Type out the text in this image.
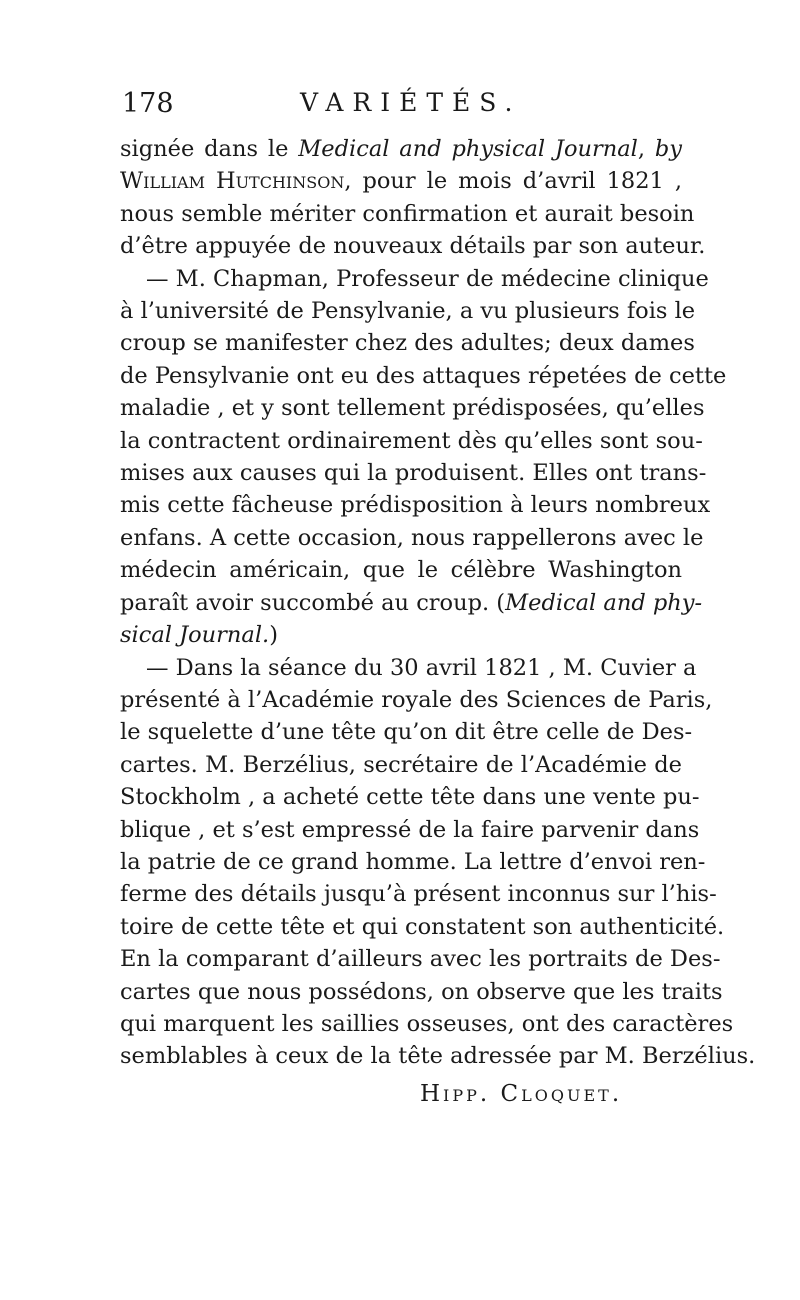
178	VARIÉTÉS.
signée dans le Medical and physical Journal, by
William Hutchinson, pour le mois d’avril 1821 ,
nous semble mériter confirmation et aurait besoin
d’être appuyée de nouveaux détails par son auteur.
— M. Chapman, Professeur de médecine clinique
à l’université de Pensylvanie, a vu plusieurs fois le
croup se manifester chez des adultes; deux dames
de Pensylvanie ont eu des attaques répetées de cette
maladie , et y sont tellement prédisposées, qu’elles
la contractent ordinairement dès qu’elles sont sou-
mises aux causes qui la produisent. Elles ont trans-
mis cette fâcheuse prédisposition à leurs nombreux
enfans. A cette occasion, nous rappellerons avec le
médecin américain, que le célèbre Washington
paraît avoir succombé au croup. (Medical and phy-
sical Journal.)
— Dans la séance du 30 avril 1821 , M. Cuvier a
présenté à l’Académie royale des Sciences de Paris,
le squelette d’une tête qu’on dit être celle de Des-
cartes. M. Berzélius, secrétaire de l’Académie de
Stockholm , a acheté cette tête dans une vente pu-
blique , et s’est empressé de la faire parvenir dans
la patrie de ce grand homme. La lettre d’envoi ren-
ferme des détails jusqu’à présent inconnus sur l’his-
toire de cette tête et qui constatent son authenticité.
En la comparant d’ailleurs avec les portraits de Des-
cartes que nous possédons, on observe que les traits
qui marquent les saillies osseuses, ont des caractères
semblables à ceux de la tête adressée par M. Berzélius.
Hipp. Cloquet.
